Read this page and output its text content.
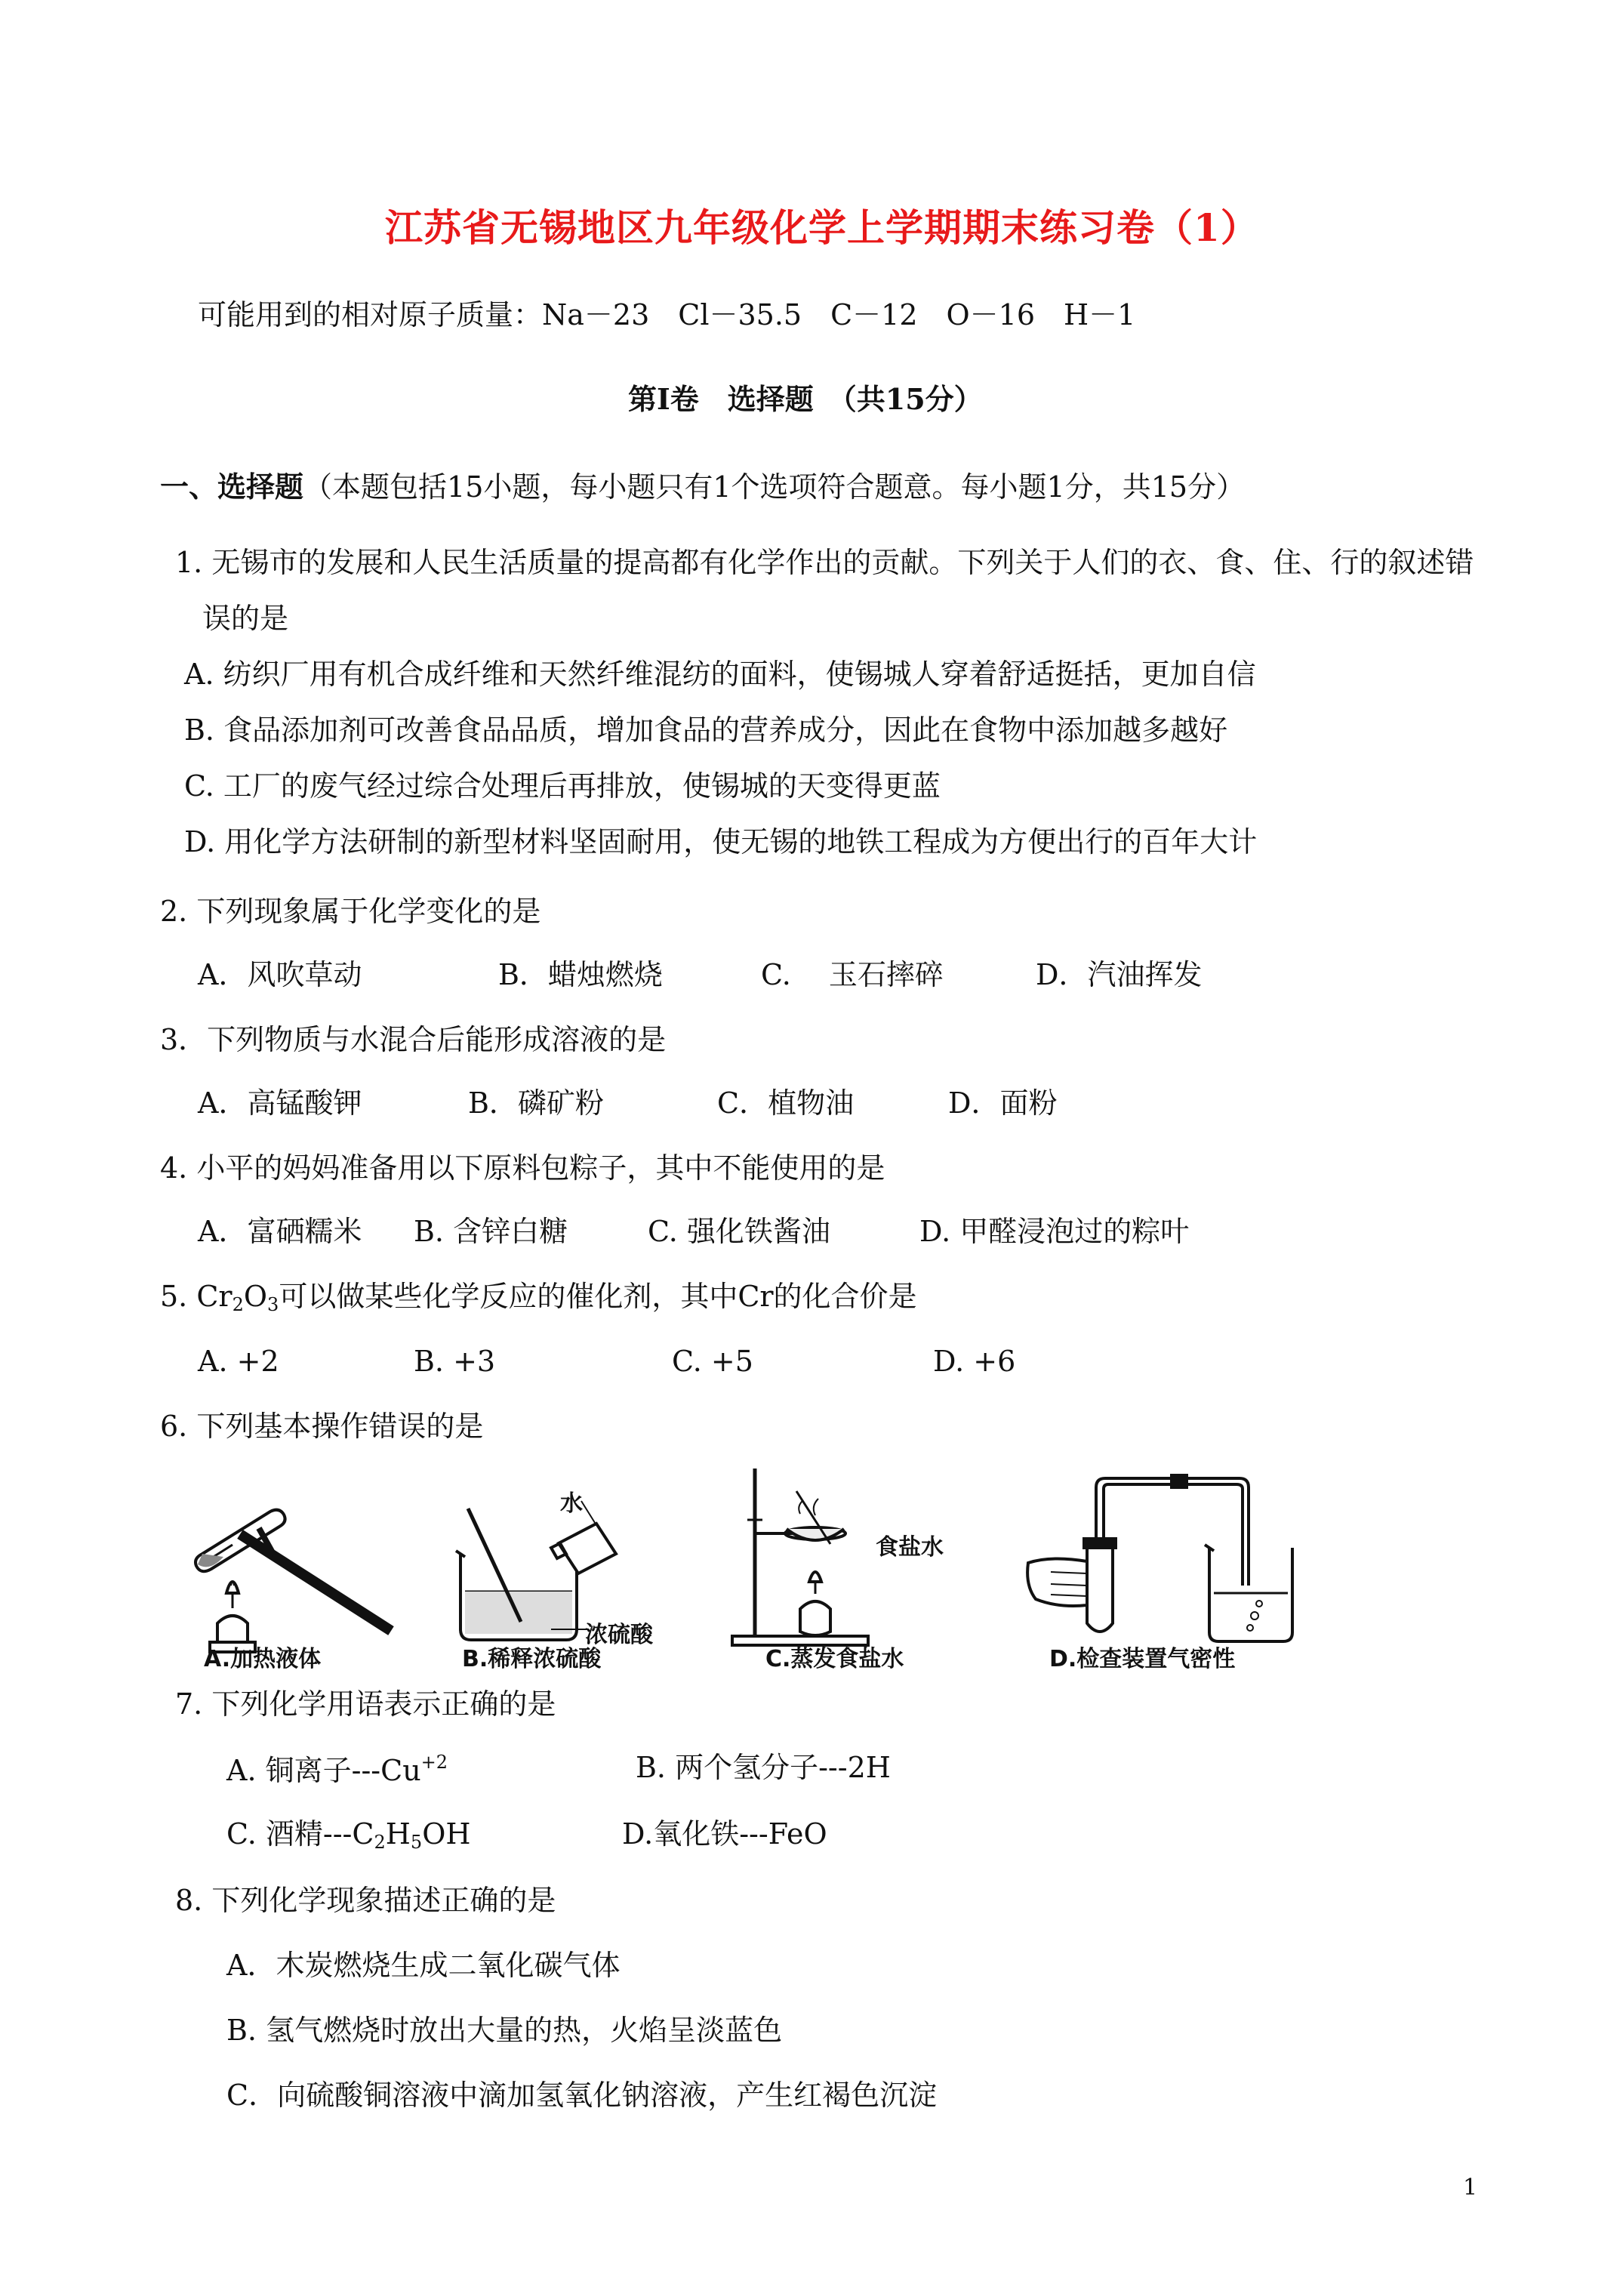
江苏省无锡地区九年级化学上学期期末练习卷（1）
可能用到的相对原子质量：Na－23　Cl－35.5　C－12　O－16　H－1
第Ⅰ卷　选择题　（共15分）
一、选择题（本题包括15小题，每小题只有1个选项符合题意。每小题1分，共15分）
1. 无锡市的发展和人民生活质量的提高都有化学作出的贡献。下列关于人们的衣、食、住、行的叙述错
误的是
A. 纺织厂用有机合成纤维和天然纤维混纺的面料，使锡城人穿着舒适挺括，更加自信
B. 食品添加剂可改善食品品质，增加食品的营养成分，因此在食物中添加越多越好
C. 工厂的废气经过综合处理后再排放，使锡城的天变得更蓝
D. 用化学方法研制的新型材料坚固耐用，使无锡的地铁工程成为方便出行的百年大计
2. 下列现象属于化学变化的是
A．风吹草动	B．蜡烛燃烧	C.　 玉石摔碎	D．汽油挥发
3．下列物质与水混合后能形成溶液的是
A．高锰酸钾	B．磷矿粉	C．植物油	D．面粉
4. 小平的妈妈准备用以下原料包粽子，其中不能使用的是
A．富硒糯米 B. 含锌白糖	C. 强化铁酱油	D. 甲醛浸泡过的粽叶
5. $Cr_2O_3$可以做某些化学反应的催化剂，其中Cr的化合价是
A. +2	B. +3	C. +5	D. +6
6. 下列基本操作错误的是
A.加热液体
水
浓硫酸
B.稀释浓硫酸
食盐水
C.蒸发食盐水	D.检查装置气密性
7. 下列化学用语表示正确的是
A. 铜离子$---Cu^{+2}$	B. 两个氢分子---2H
C. 酒精$---C_2H_5OH$	D.氧化铁---FeO
8. 下列化学现象描述正确的是
A．木炭燃烧生成二氧化碳气体
B. 氢气燃烧时放出大量的热，火焰呈淡蓝色
C．向硫酸铜溶液中滴加氢氧化钠溶液，产生红褐色沉淀
1
